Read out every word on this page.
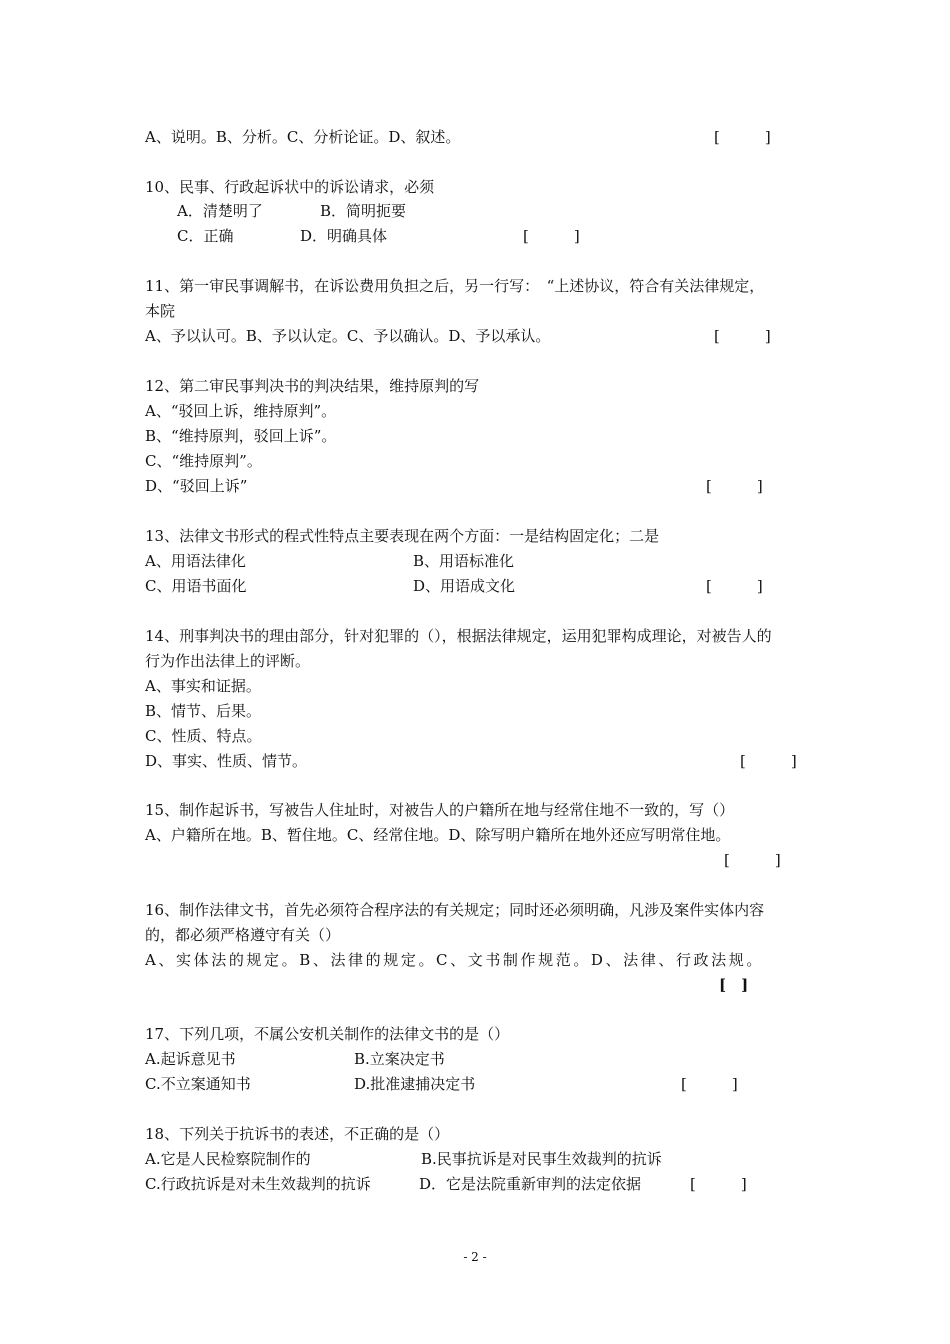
A、说明。B、分析。C、分析论证。D、叙述。	[　　　]
10、民事、行政起诉状中的诉讼请求，必须
A．清楚明了	B．简明扼要
C．正确	D．明确具体	[　　　]
11、第一审民事调解书，在诉讼费用负担之后，另一行写：　“上述协议，符合有关法律规定，
本院
A、予以认可。B、予以认定。C、予以确认。D、予以承认。	[　　　]
12、第二审民事判决书的判决结果，维持原判的写
A、“驳回上诉，维持原判”。
B、“维持原判，驳回上诉”。
C、“维持原判”。
D、“驳回上诉”	[　　　]
13、法律文书形式的程式性特点主要表现在两个方面：一是结构固定化；二是
A、用语法律化	B、用语标准化
C、用语书面化	D、用语成文化	[　　　]
14、刑事判决书的理由部分，针对犯罪的（），根据法律规定，运用犯罪构成理论，对被告人的
行为作出法律上的评断。
A、事实和证据。
B、情节、后果。
C、性质、特点。
D、事实、性质、情节。	[　　　]
15、制作起诉书，写被告人住址时，对被告人的户籍所在地与经常住地不一致的，写（）
A、户籍所在地。B、暂住地。C、经常住地。D、除写明户籍所在地外还应写明常住地。
[　　　]
16、制作法律文书，首先必须符合程序法的有关规定；同时还必须明确，凡涉及案件实体内容
的，都必须严格遵守有关（）
A、实体法的规定。B、法律的规定。C、文书制作规范。D、法律、行政法规。
[　]
17、下列几项，不属公安机关制作的法律文书的是（）
A.起诉意见书	B.立案决定书
C.不立案通知书	D.批准逮捕决定书	[　　　]
18、下列关于抗诉书的表述，不正确的是（）
A.它是人民检察院制作的	B.民事抗诉是对民事生效裁判的抗诉
C.行政抗诉是对未生效裁判的抗诉	D．它是法院重新审判的法定依据	[　　　]
- 2 -
